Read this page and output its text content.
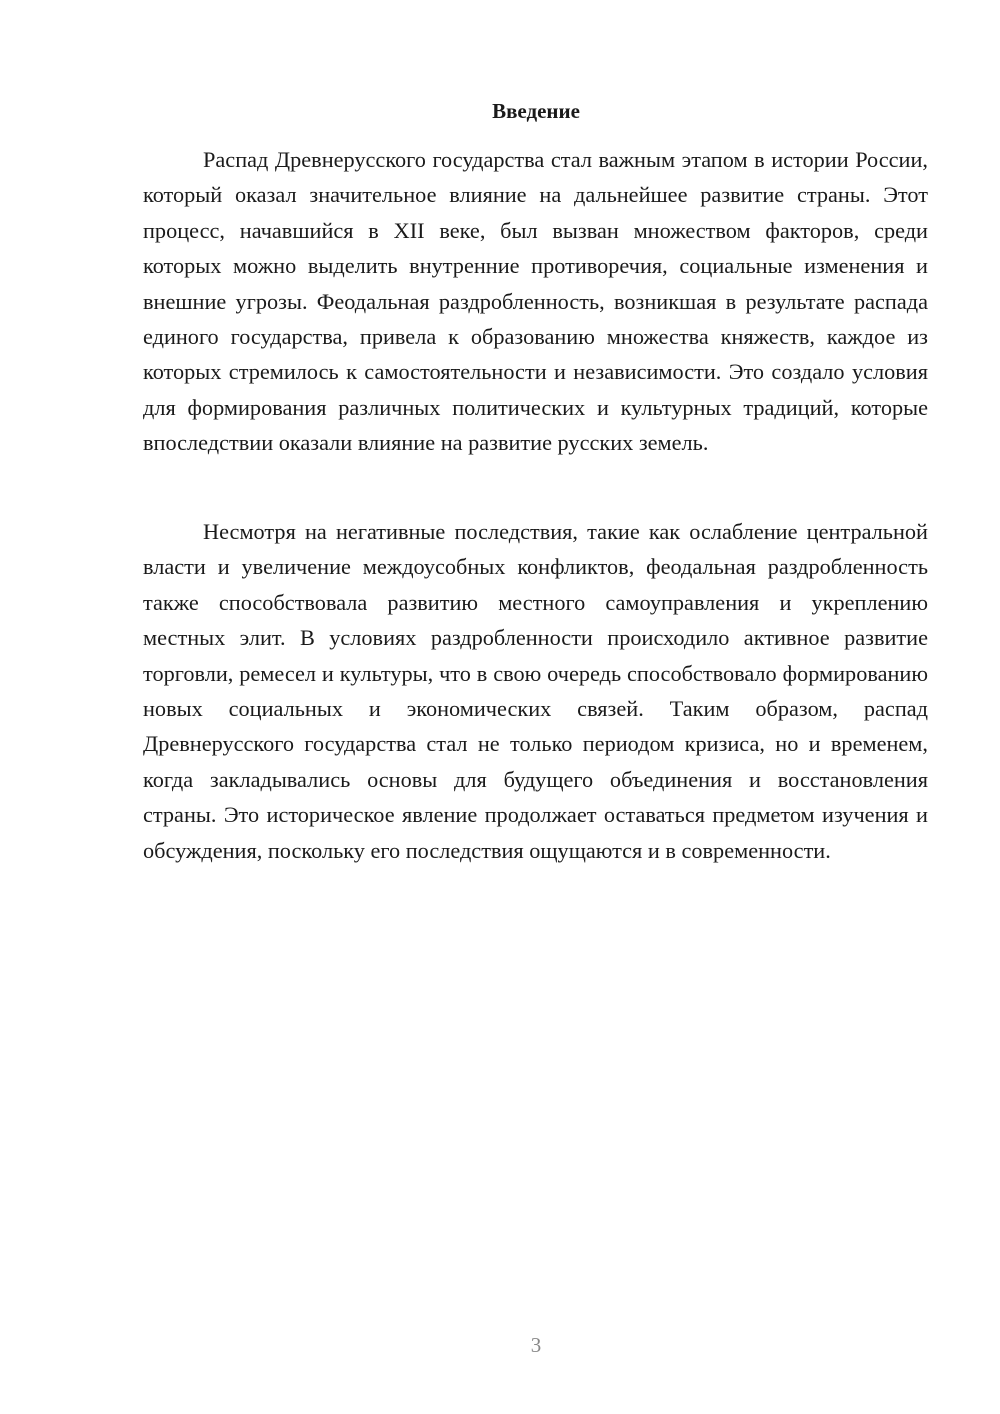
Введение

Распад Древнерусского государства стал важным этапом в истории России, который оказал значительное влияние на дальнейшее развитие страны. Этот процесс, начавшийся в XII веке, был вызван множеством факторов, среди которых можно выделить внутренние противоречия, социальные изменения и внешние угрозы. Феодальная раздробленность, возникшая в результате распада единого государства, привела к образованию множества княжеств, каждое из которых стремилось к самостоятельности и независимости. Это создало условия для формирования различных политических и культурных традиций, которые впоследствии оказали влияние на развитие русских земель.

Несмотря на негативные последствия, такие как ослабление центральной власти и увеличение междоусобных конфликтов, феодальная раздробленность также способствовала развитию местного самоуправления и укреплению местных элит. В условиях раздробленности происходило активное развитие торговли, ремесел и культуры, что в свою очередь способствовало формированию новых социальных и экономических связей. Таким образом, распад Древнерусского государства стал не только периодом кризиса, но и временем, когда закладывались основы для будущего объединения и восстановления страны. Это историческое явление продолжает оставаться предметом изучения и обсуждения, поскольку его последствия ощущаются и в современности.

3
